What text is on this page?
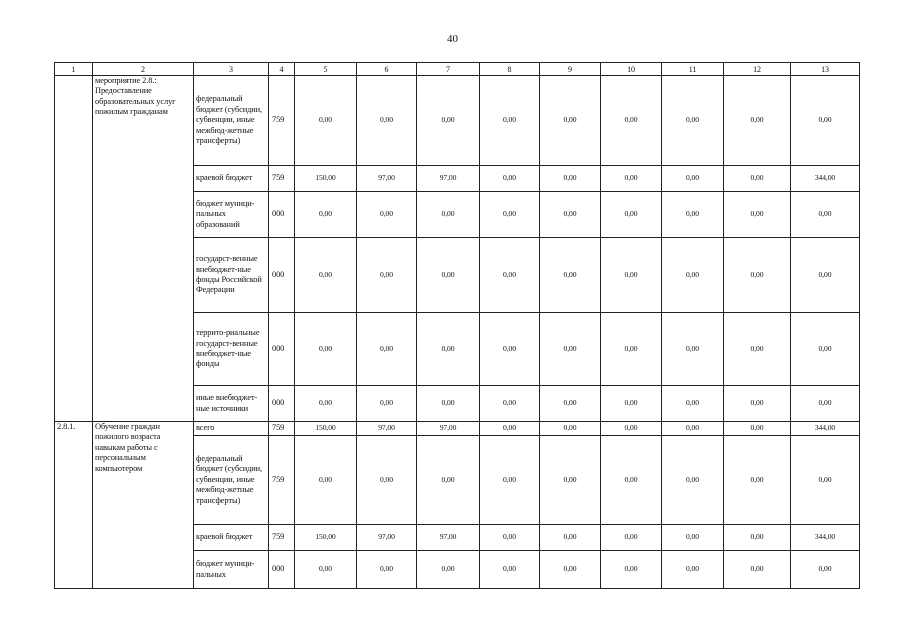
40
1	2	3	4	5	6	7	8	9	10	11	12	13
	мероприятие 2.8.: Предоставление образовательных услуг пожилым гражданам	федеральный бюджет (субсидии, субвенции, иные межбюд-жетные трансферты)	759	0,00	0,00	0,00	0,00	0,00	0,00	0,00	0,00	0,00
		краевой бюджет	759	150,00	97,00	97,00	0,00	0,00	0,00	0,00	0,00	344,00
		бюджет муници-пальных образований	000	0,00	0,00	0,00	0,00	0,00	0,00	0,00	0,00	0,00
		государст-венные внебюджет-ные фонды Российской Федерации	000	0,00	0,00	0,00	0,00	0,00	0,00	0,00	0,00	0,00
		террито-риальные государст-венные внебюджет-ные фонды	000	0,00	0,00	0,00	0,00	0,00	0,00	0,00	0,00	0,00
		иные внебюджет-ные источники	000	0,00	0,00	0,00	0,00	0,00	0,00	0,00	0,00	0,00
2.8.1.	Обучение граждан пожилого возраста навыкам работы с персональным компьютером	всего	759	150,00	97,00	97,00	0,00	0,00	0,00	0,00	0,00	344,00
		федеральный бюджет (субсидии, субвенции, иные межбюд-жетные трансферты)	759	0,00	0,00	0,00	0,00	0,00	0,00	0,00	0,00	0,00
		краевой бюджет	759	150,00	97,00	97,00	0,00	0,00	0,00	0,00	0,00	344,00
		бюджет муници-пальных	000	0,00	0,00	0,00	0,00	0,00	0,00	0,00	0,00	0,00
